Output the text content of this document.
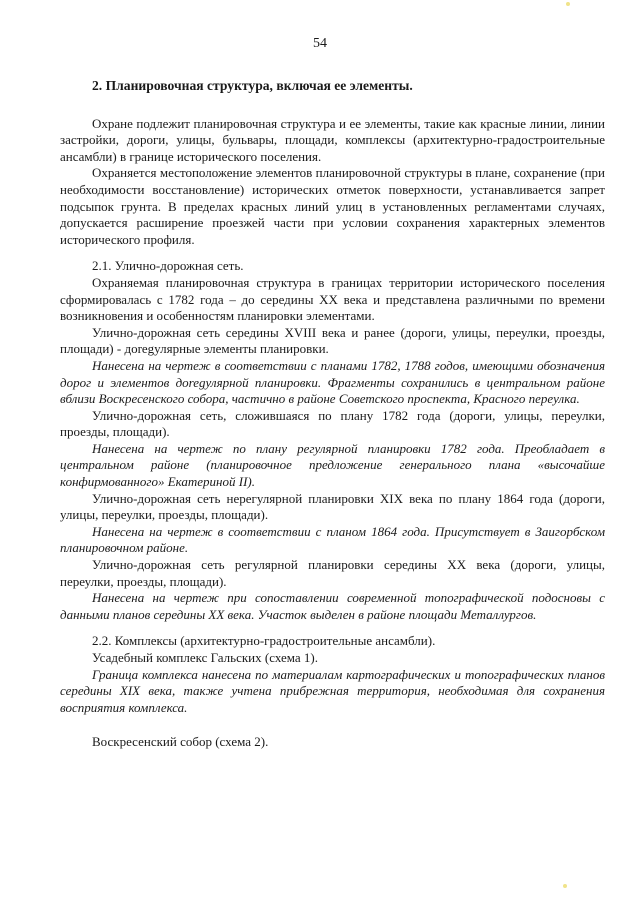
54
2. Планировочная структура, включая ее элементы.

Охране подлежит планировочная структура и ее элементы, такие как красные линии, линии застройки, дороги, улицы, бульвары, площади, комплексы (архитектурно-градостроительные ансамбли) в границе исторического поселения.

Охраняется местоположение элементов планировочной структуры в плане, сохранение (при необходимости восстановление) исторических отметок поверхности, устанавливается запрет подсыпок грунта. В пределах красных линий улиц в установленных регламентами случаях, допускается расширение проезжей части при условии сохранения характерных элементов исторического профиля.

2.1. Улично-дорожная сеть.

Охраняемая планировочная структура в границах территории исторического поселения сформировалась с 1782 года – до середины XX века и представлена различными по времени возникновения и особенностям планировки элементами.

Улично-дорожная сеть середины XVIII века и ранее (дороги, улицы, переулки, проезды, площади) - доregулярные элементы планировки.

Нанесена на чертеж в соответствии с планами 1782, 1788 годов, имеющими обозначения дорог и элементов доregулярной планировки. Фрагменты сохранились в центральном районе вблизи Воскресенского собора, частично в районе Советского проспекта, Красного переулка.

Улично-дорожная сеть, сложившаяся по плану 1782 года (дороги, улицы, переулки, проезды, площади).

Нанесена на чертеж по плану регулярной планировки 1782 года. Преобладает в центральном районе (планировочное предложение генерального плана «высочайше конфирмованного» Екатериной II).

Улично-дорожная сеть нерегулярной планировки XIX века по плану 1864 года (дороги, улицы, переулки, проезды, площади).

Нанесена на чертеж в соответствии с планом 1864 года. Присутствует в Заигорбском планировочном районе.

Улично-дорожная сеть регулярной планировки середины XX века (дороги, улицы, переулки, проезды, площади).

Нанесена на чертеж при сопоставлении современной топографической подосновы с данными планов середины XX века. Участок выделен в районе площади Металлургов.

2.2. Комплексы (архитектурно-градостроительные ансамбли).

Усадебный комплекс Гальских (схема 1).

Граница комплекса нанесена по материалам картографических и топографических планов середины XIX века, также учтена прибрежная территория, необходимая для сохранения восприятия комплекса.

Воскресенский собор (схема 2).
